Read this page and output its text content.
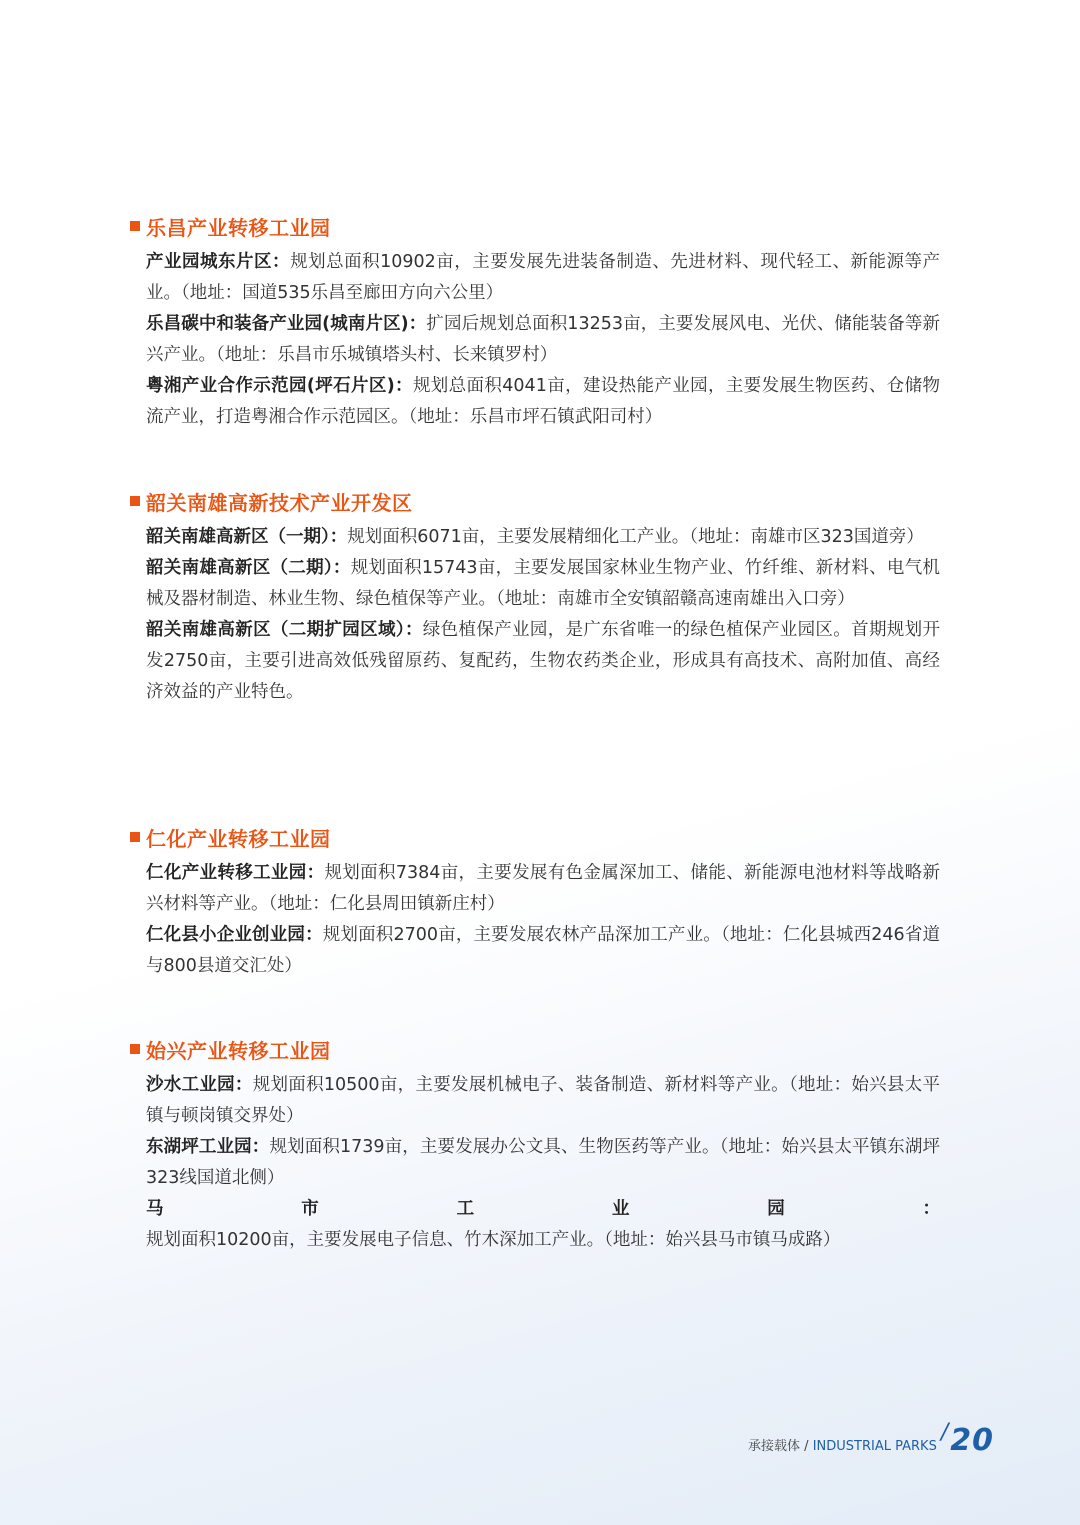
乐昌产业转移工业园
产业园城东片区：规划总面积10902亩，主要发展先进装备制造、先进材料、现代轻工、新能源等产业。（地址：国道535乐昌至廊田方向六公里）
乐昌碳中和装备产业园(城南片区)：扩园后规划总面积13253亩，主要发展风电、光伏、储能装备等新兴产业。（地址：乐昌市乐城镇塔头村、长来镇罗村）
粤湘产业合作示范园(坪石片区)：规划总面积4041亩，建设热能产业园，主要发展生物医药、仓储物流产业，打造粤湘合作示范园区。（地址：乐昌市坪石镇武阳司村）
韶关南雄高新技术产业开发区
韶关南雄高新区（一期）：规划面积6071亩，主要发展精细化工产业。（地址：南雄市区323国道旁）
韶关南雄高新区（二期）：规划面积15743亩，主要发展国家林业生物产业、竹纤维、新材料、电气机械及器材制造、林业生物、绿色植保等产业。（地址：南雄市全安镇韶赣高速南雄出入口旁）
韶关南雄高新区（二期扩园区域）：绿色植保产业园，是广东省唯一的绿色植保产业园区。首期规划开发2750亩，主要引进高效低残留原药、复配药，生物农药类企业，形成具有高技术、高附加值、高经济效益的产业特色。
仁化产业转移工业园
仁化产业转移工业园：规划面积7384亩，主要发展有色金属深加工、储能、新能源电池材料等战略新兴材料等产业。（地址：仁化县周田镇新庄村）
仁化县小企业创业园：规划面积2700亩，主要发展农林产品深加工产业。（地址：仁化县城西246省道与800县道交汇处）
始兴产业转移工业园
沙水工业园：规划面积10500亩，主要发展机械电子、装备制造、新材料等产业。（地址：始兴县太平镇与顿岗镇交界处）
东湖坪工业园：规划面积1739亩，主要发展办公文具、生物医药等产业。（地址：始兴县太平镇东湖坪323线国道北侧）
马市工业园：规划面积10200亩，主要发展电子信息、竹木深加工产业。（地址：始兴县马市镇马成路）
承接载体 / INDUSTRIAL PARKS
/ 20
